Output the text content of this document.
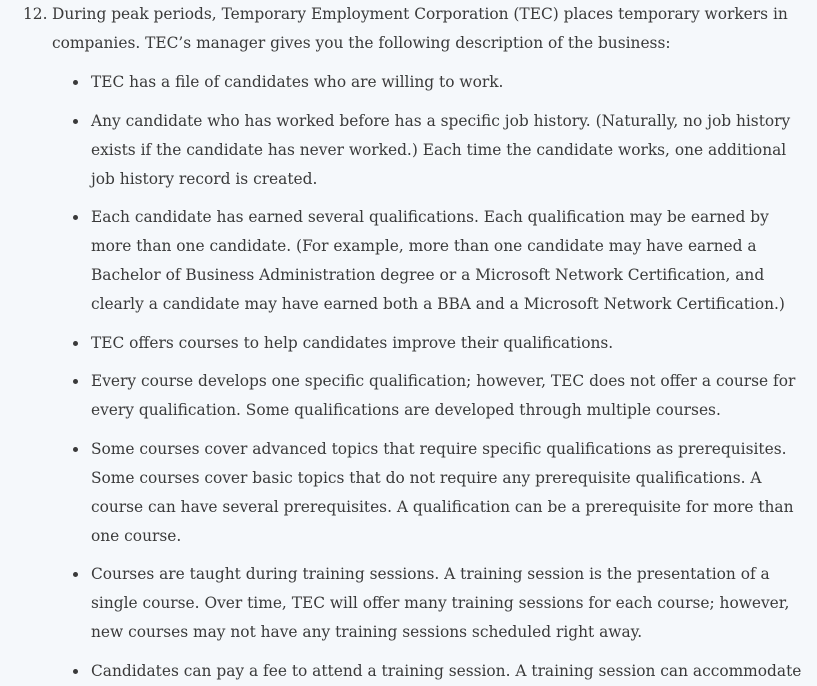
12. During peak periods, Temporary Employment Corporation (TEC) places temporary workers in companies. TEC’s manager gives you the following description of the business:
TEC has a file of candidates who are willing to work.
Any candidate who has worked before has a specific job history. (Naturally, no job history exists if the candidate has never worked.) Each time the candidate works, one additional job history record is created.
Each candidate has earned several qualifications. Each qualification may be earned by more than one candidate. (For example, more than one candidate may have earned a Bachelor of Business Administration degree or a Microsoft Network Certification, and clearly a candidate may have earned both a BBA and a Microsoft Network Certification.)
TEC offers courses to help candidates improve their qualifications.
Every course develops one specific qualification; however, TEC does not offer a course for every qualification. Some qualifications are developed through multiple courses.
Some courses cover advanced topics that require specific qualifications as prerequisites. Some courses cover basic topics that do not require any prerequisite qualifications. A course can have several prerequisites. A qualification can be a prerequisite for more than one course.
Courses are taught during training sessions. A training session is the presentation of a single course. Over time, TEC will offer many training sessions for each course; however, new courses may not have any training sessions scheduled right away.
Candidates can pay a fee to attend a training session. A training session can accommodate
